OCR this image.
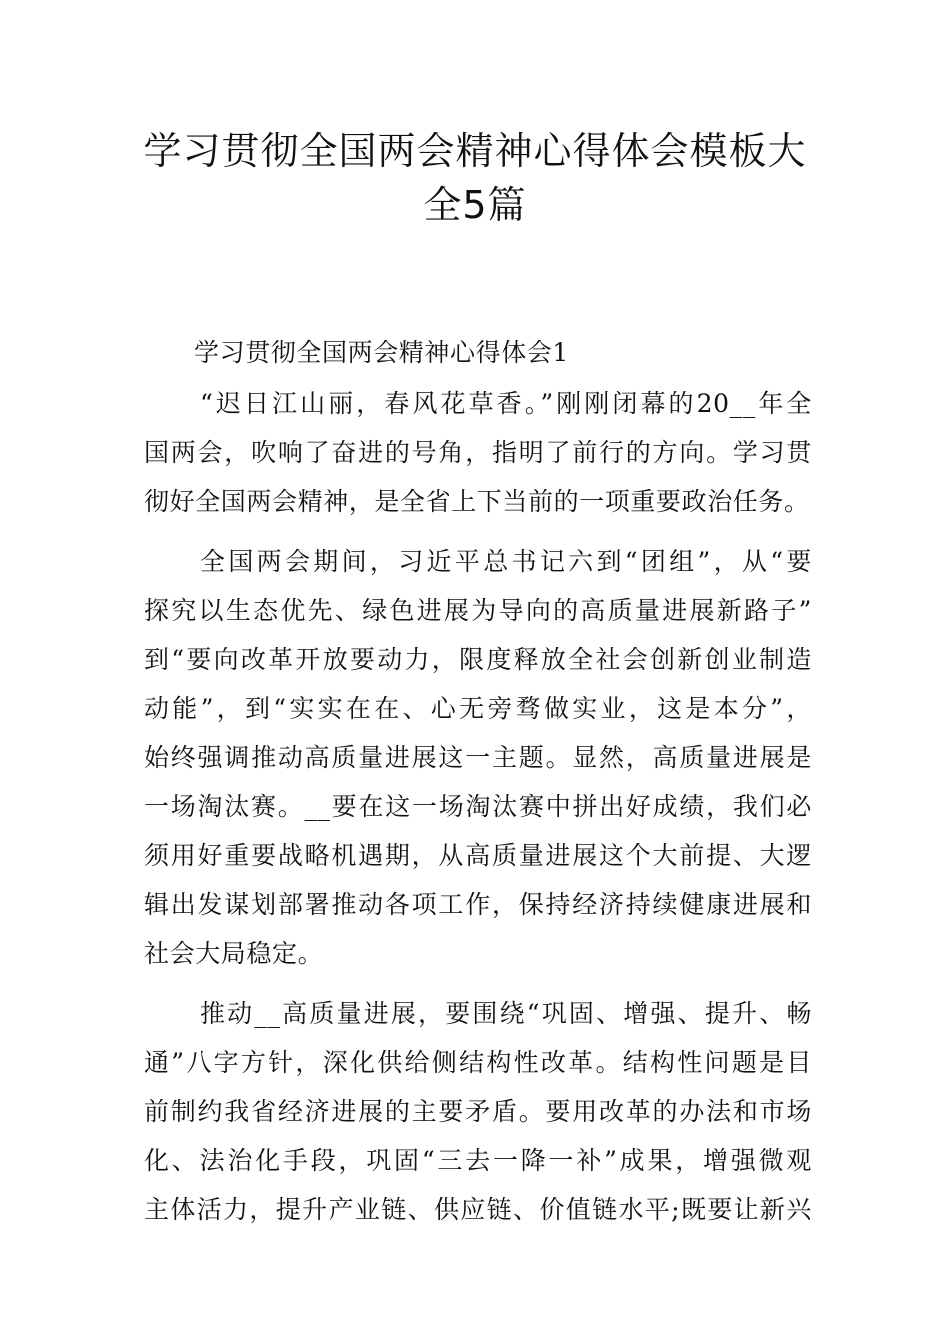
学习贯彻全国两会精神心得体会模板大
全5篇
学习贯彻全国两会精神心得体会1
“迟日江山丽，春风花草香。”刚刚闭幕的20__年全
国两会，吹响了奋进的号角，指明了前行的方向。学习贯
彻好全国两会精神，是全省上下当前的一项重要政治任务。
全国两会期间，习近平总书记六到“团组”，从“要
探究以生态优先、绿色进展为导向的高质量进展新路子”
到“要向改革开放要动力，限度释放全社会创新创业制造
动能”，到“实实在在、心无旁骛做实业，这是本分”，
始终强调推动高质量进展这一主题。显然，高质量进展是
一场淘汰赛。__要在这一场淘汰赛中拼出好成绩，我们必
须用好重要战略机遇期，从高质量进展这个大前提、大逻
辑出发谋划部署推动各项工作，保持经济持续健康进展和
社会大局稳定。
推动__高质量进展，要围绕“巩固、增强、提升、畅
通”八字方针，深化供给侧结构性改革。结构性问题是目
前制约我省经济进展的主要矛盾。要用改革的办法和市场
化、法治化手段，巩固“三去一降一补”成果，增强微观
主体活力，提升产业链、供应链、价值链水平;既要让新兴
